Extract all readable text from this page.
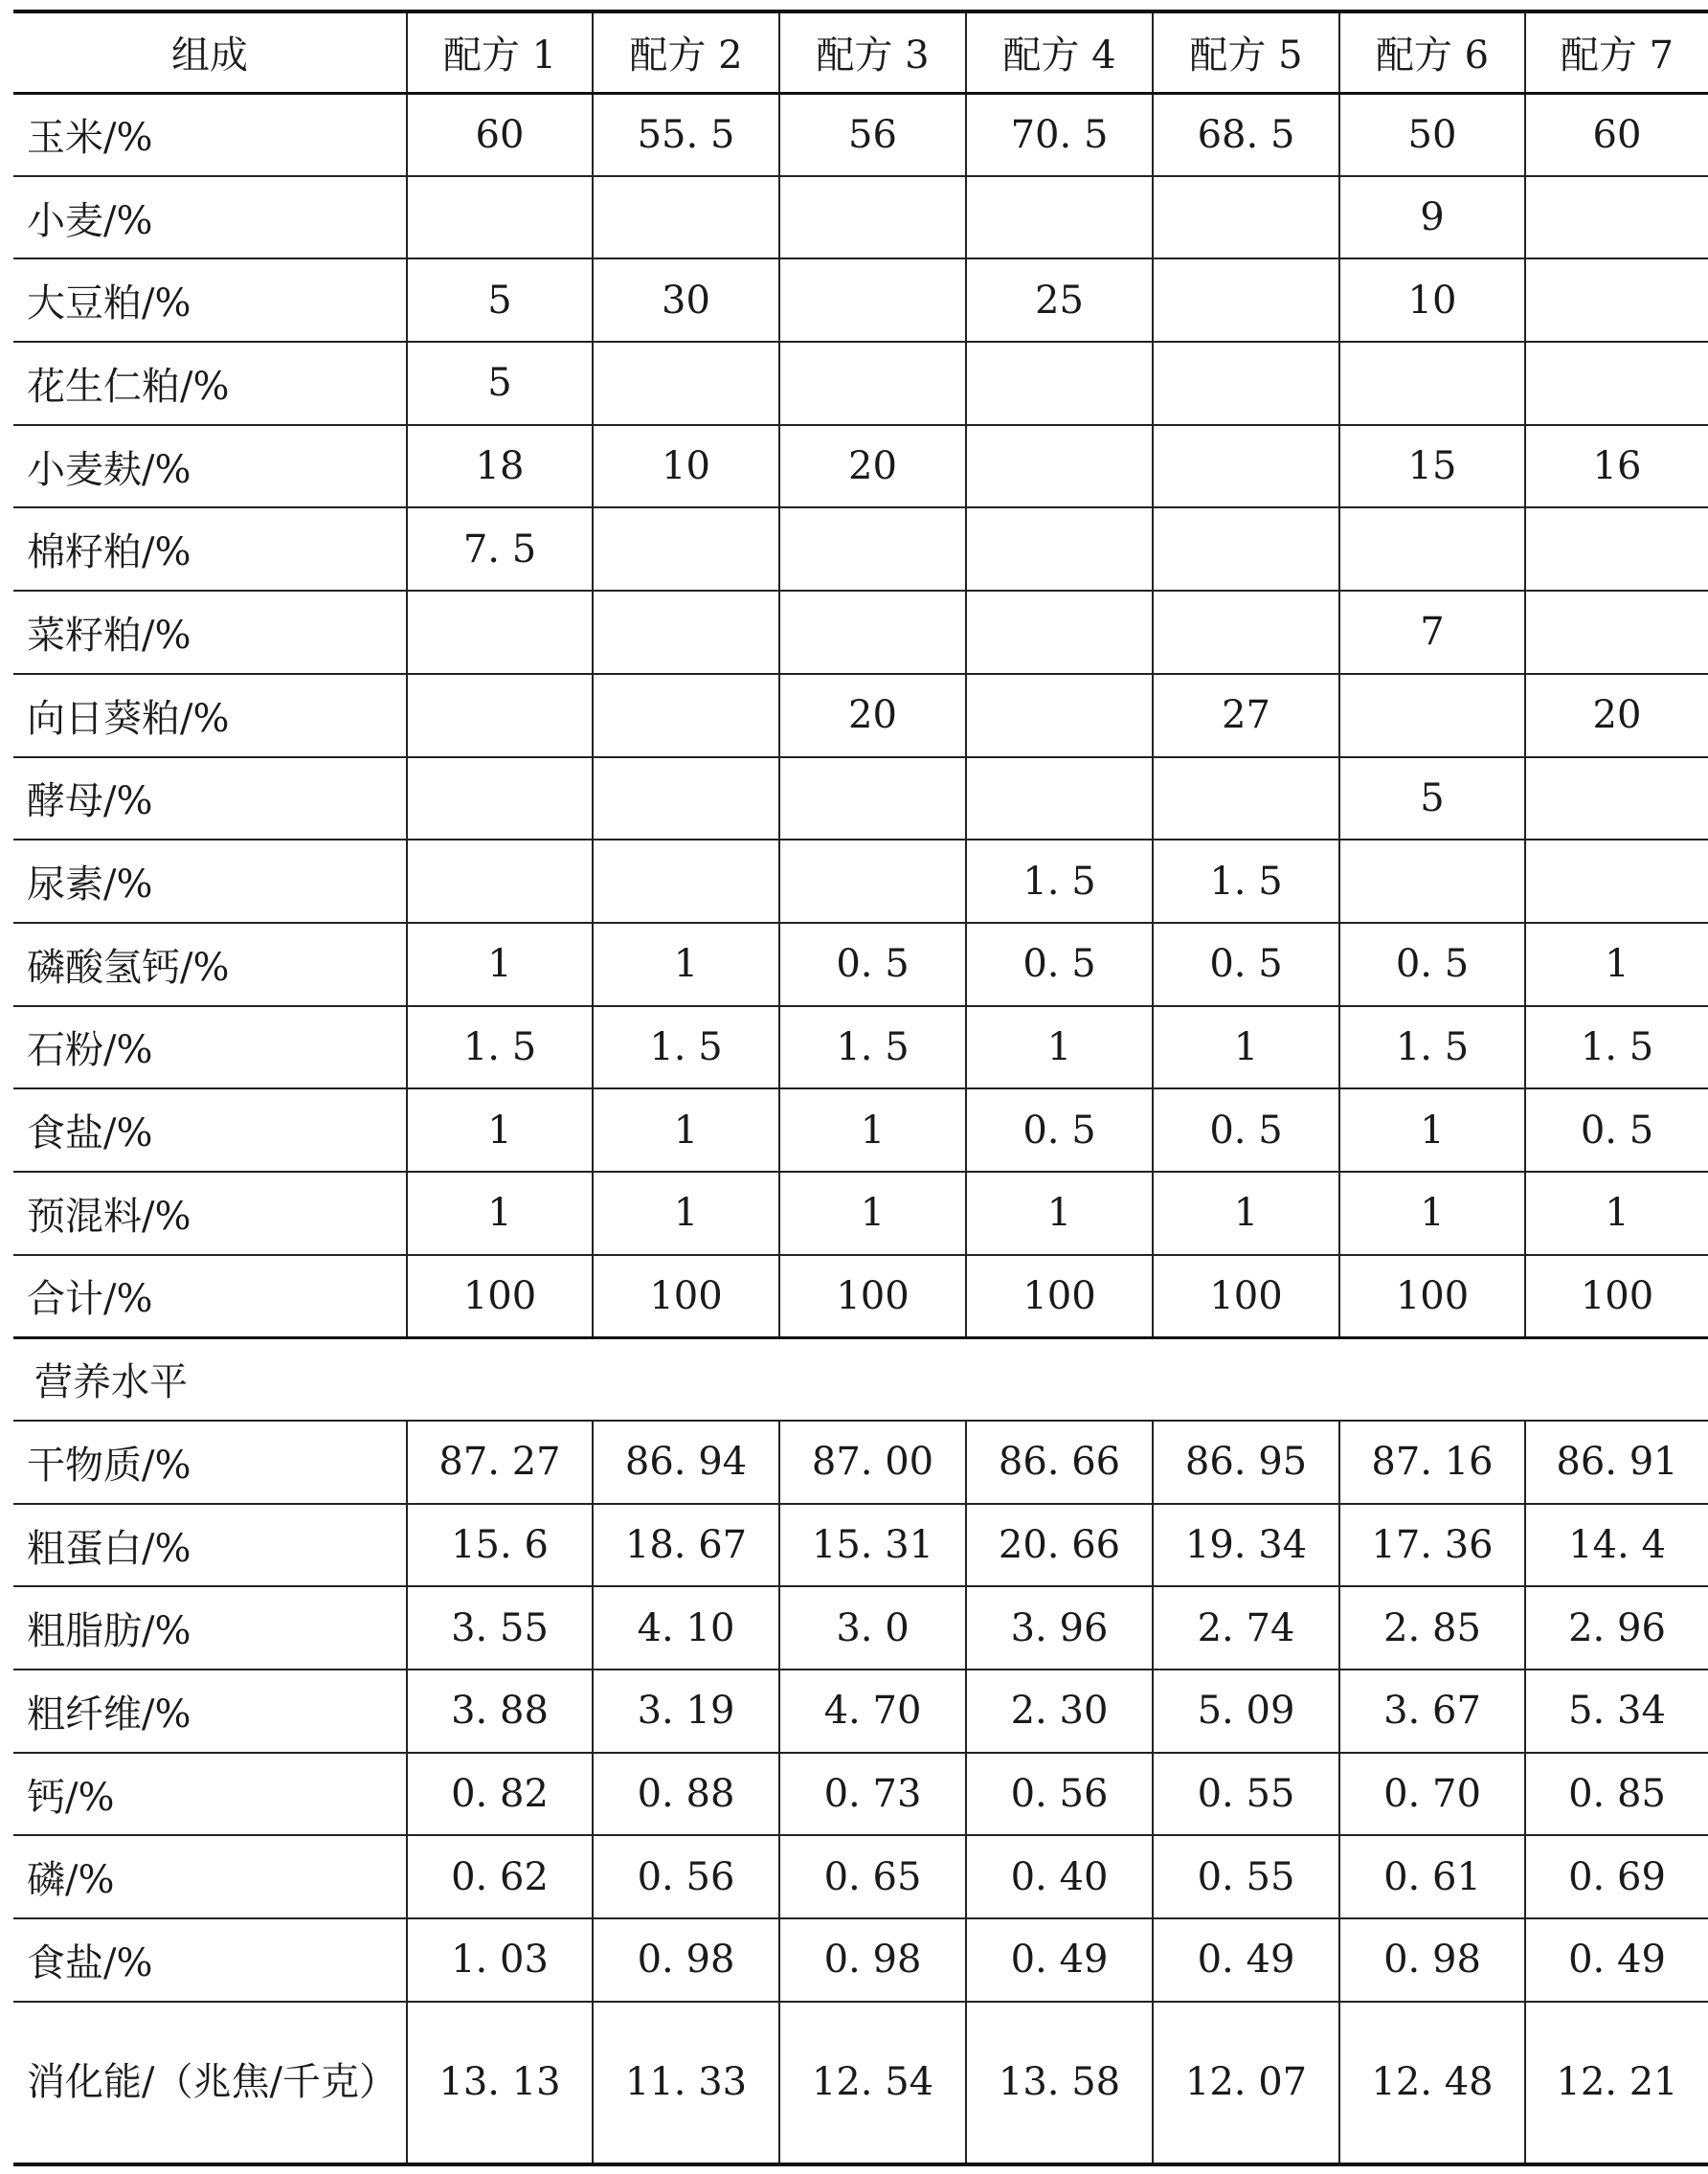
组成	配方 1	配方 2	配方 3	配方 4	配方 5	配方 6	配方 7
玉米/%	60	55. 5	56	70. 5	68. 5	50	60
小麦/%						9	
大豆粕/%	5	30		25		10	
花生仁粕/%	5						
小麦麸/%	18	10	20			15	16
棉籽粕/%	7. 5						
菜籽粕/%						7	
向日葵粕/%			20		27		20
酵母/%						5	
尿素/%				1. 5	1. 5		
磷酸氢钙/%	1	1	0. 5	0. 5	0. 5	0. 5	1
石粉/%	1. 5	1. 5	1. 5	1	1	1. 5	1. 5
食盐/%	1	1	1	0. 5	0. 5	1	0. 5
预混料/%	1	1	1	1	1	1	1
合计/%	100	100	100	100	100	100	100
营养水平							
干物质/%	87. 27	86. 94	87. 00	86. 66	86. 95	87. 16	86. 91
粗蛋白/%	15. 6	18. 67	15. 31	20. 66	19. 34	17. 36	14. 4
粗脂肪/%	3. 55	4. 10	3. 0	3. 96	2. 74	2. 85	2. 96
粗纤维/%	3. 88	3. 19	4. 70	2. 30	5. 09	3. 67	5. 34
钙/%	0. 82	0. 88	0. 73	0. 56	0. 55	0. 70	0. 85
磷/%	0. 62	0. 56	0. 65	0. 40	0. 55	0. 61	0. 69
食盐/%	1. 03	0. 98	0. 98	0. 49	0. 49	0. 98	0. 49
消化能/（兆焦/千克）	13. 13	11. 33	12. 54	13. 58	12. 07	12. 48	12. 21
